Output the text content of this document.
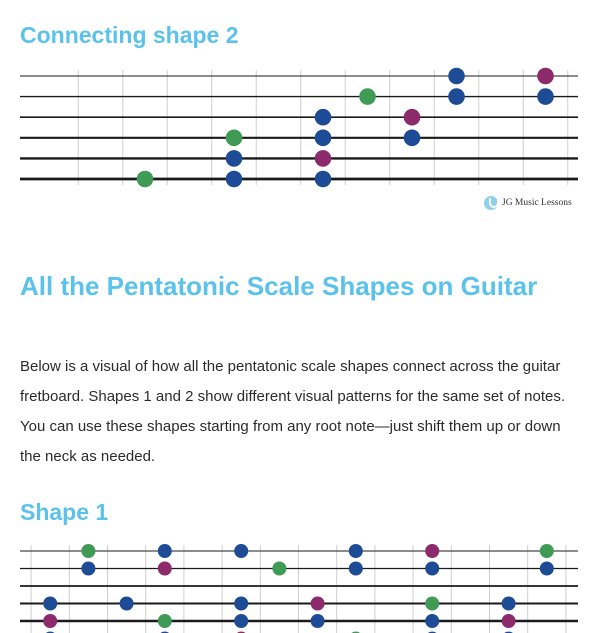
Connecting shape 2
JG Music Lessons
All the Pentatonic Scale Shapes on Guitar

Below is a visual of how all the pentatonic scale shapes connect across the guitar fretboard. Shapes 1 and 2 show different visual patterns for the same set of notes. You can use these shapes starting from any root note—just shift them up or down the neck as needed.

Shape 1
